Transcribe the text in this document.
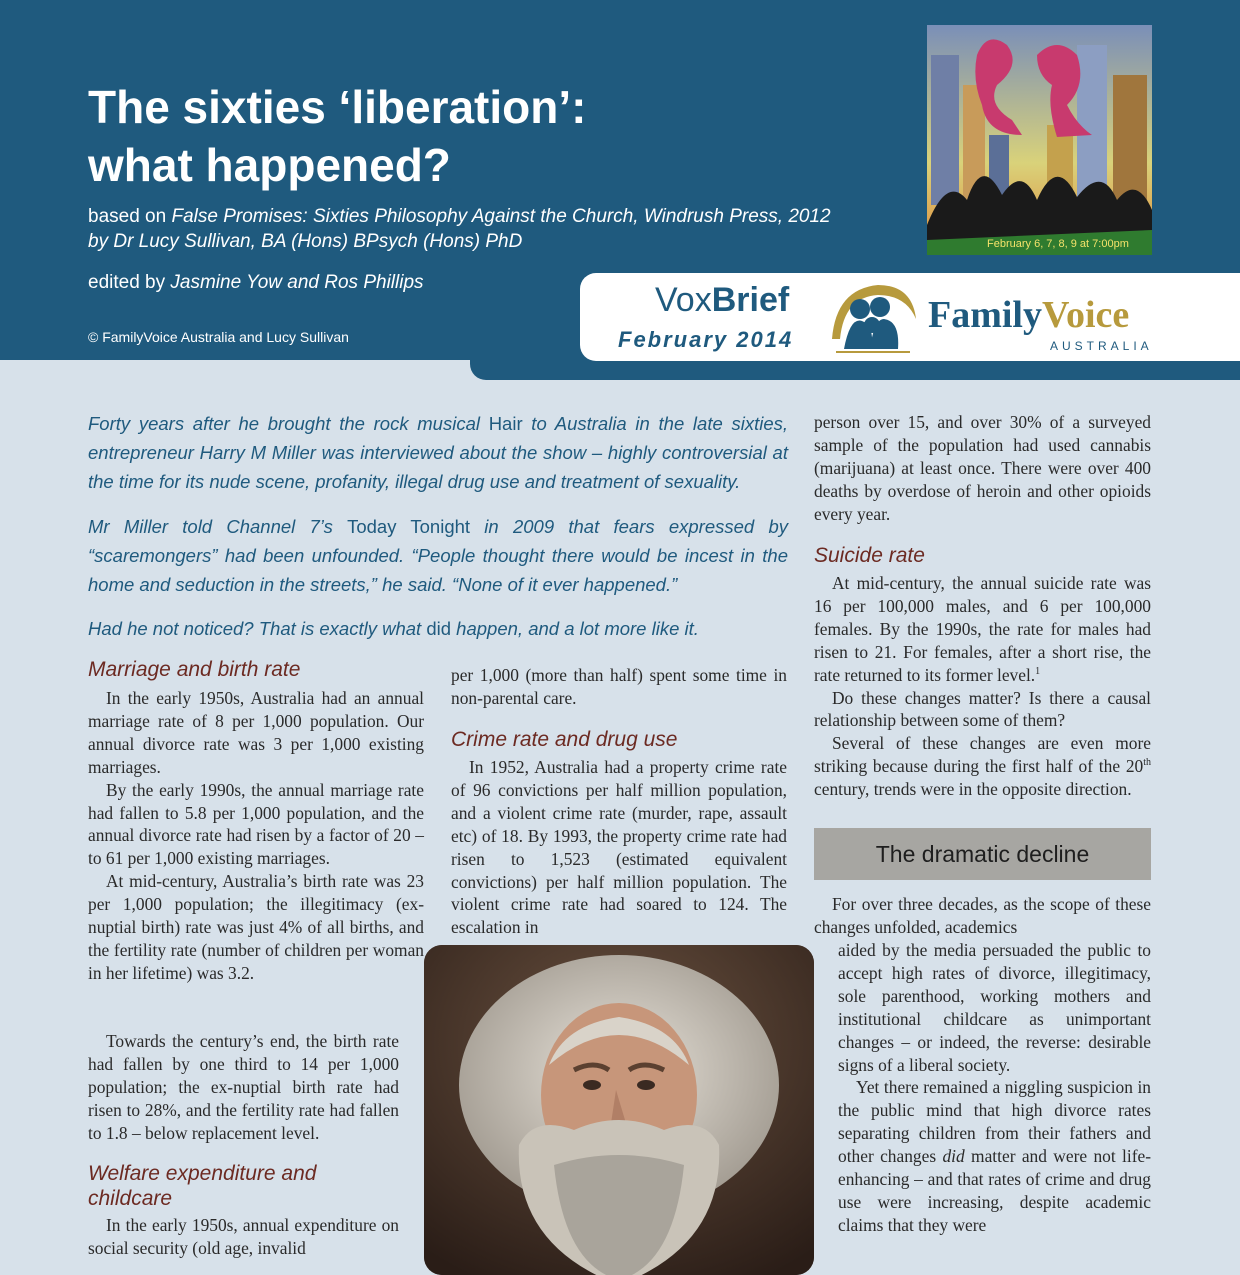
The sixties ‘liberation’:
what happened?
based on False Promises: Sixties Philosophy Against the Church, Windrush Press, 2012
by Dr Lucy Sullivan, BA (Hons) BPsych (Hons) PhD
edited by Jasmine Yow and Ros Phillips
© FamilyVoice Australia and Lucy Sullivan
February 6, 7, 8, 9 at 7:00pm
VoxBrief
February 2014
FamilyVoice
AUSTRALIA

Forty years after he brought the rock musical Hair to Australia in the late sixties, entrepreneur Harry M Miller was interviewed about the show – highly controversial at the time for its nude scene, profanity, illegal drug use and treatment of sexuality.

Mr Miller told Channel 7’s Today Tonight in 2009 that fears expressed by “scaremongers” had been unfounded. “People thought there would be incest in the home and seduction in the streets,” he said. “None of it ever happened.”

Had he not noticed? That is exactly what did happen, and a lot more like it.

Marriage and birth rate

In the early 1950s, Australia had an annual marriage rate of 8 per 1,000 population. Our annual divorce rate was 3 per 1,000 existing marriages.

By the early 1990s, the annual marriage rate had fallen to 5.8 per 1,000 population, and the annual divorce rate had risen by a factor of 20 – to 61 per 1,000 existing marriages.

At mid-century, Australia’s birth rate was 23 per 1,000 population; the illegitimacy (ex-nuptial birth) rate was just 4% of all births, and the fertility rate (number of children per woman in her lifetime) was 3.2.

Towards the century’s end, the birth rate had fallen by one third to 14 per 1,000 population; the ex-nuptial birth rate had risen to 28%, and the fertility rate had fallen to 1.8 – below replacement level.

Welfare expenditure and
childcare

In the early 1950s, annual expenditure on social security (old age, invalid

per 1,000 (more than half) spent some time in non-parental care.

Crime rate and drug use

In 1952, Australia had a property crime rate of 96 convictions per half million population, and a violent crime rate (murder, rape, assault etc) of 18. By 1993, the property crime rate had risen to 1,523 (estimated equivalent convictions) per half million population. The violent crime rate had soared to 124. The escalation in

person over 15, and over 30% of a surveyed sample of the population had used cannabis (marijuana) at least once. There were over 400 deaths by overdose of heroin and other opioids every year.

Suicide rate

At mid-century, the annual suicide rate was 16 per 100,000 males, and 6 per 100,000 females. By the 1990s, the rate for males had risen to 21. For females, after a short rise, the rate returned to its former level.$^1$

Do these changes matter? Is there a causal relationship between some of them?

Several of these changes are even more striking because during the first half of the 20th century, trends were in the opposite direction.

The dramatic decline

For over three decades, as the scope of these changes unfolded, academics

aided by the media persuaded the public to accept high rates of divorce, illegitimacy, sole parenthood, working mothers and institutional childcare as unimportant changes – or indeed, the reverse: desirable signs of a liberal society.

Yet there remained a niggling suspicion in the public mind that high divorce rates separating children from their fathers and other changes did matter and were not life-enhancing – and that rates of crime and drug use were increasing, despite academic claims that they were
